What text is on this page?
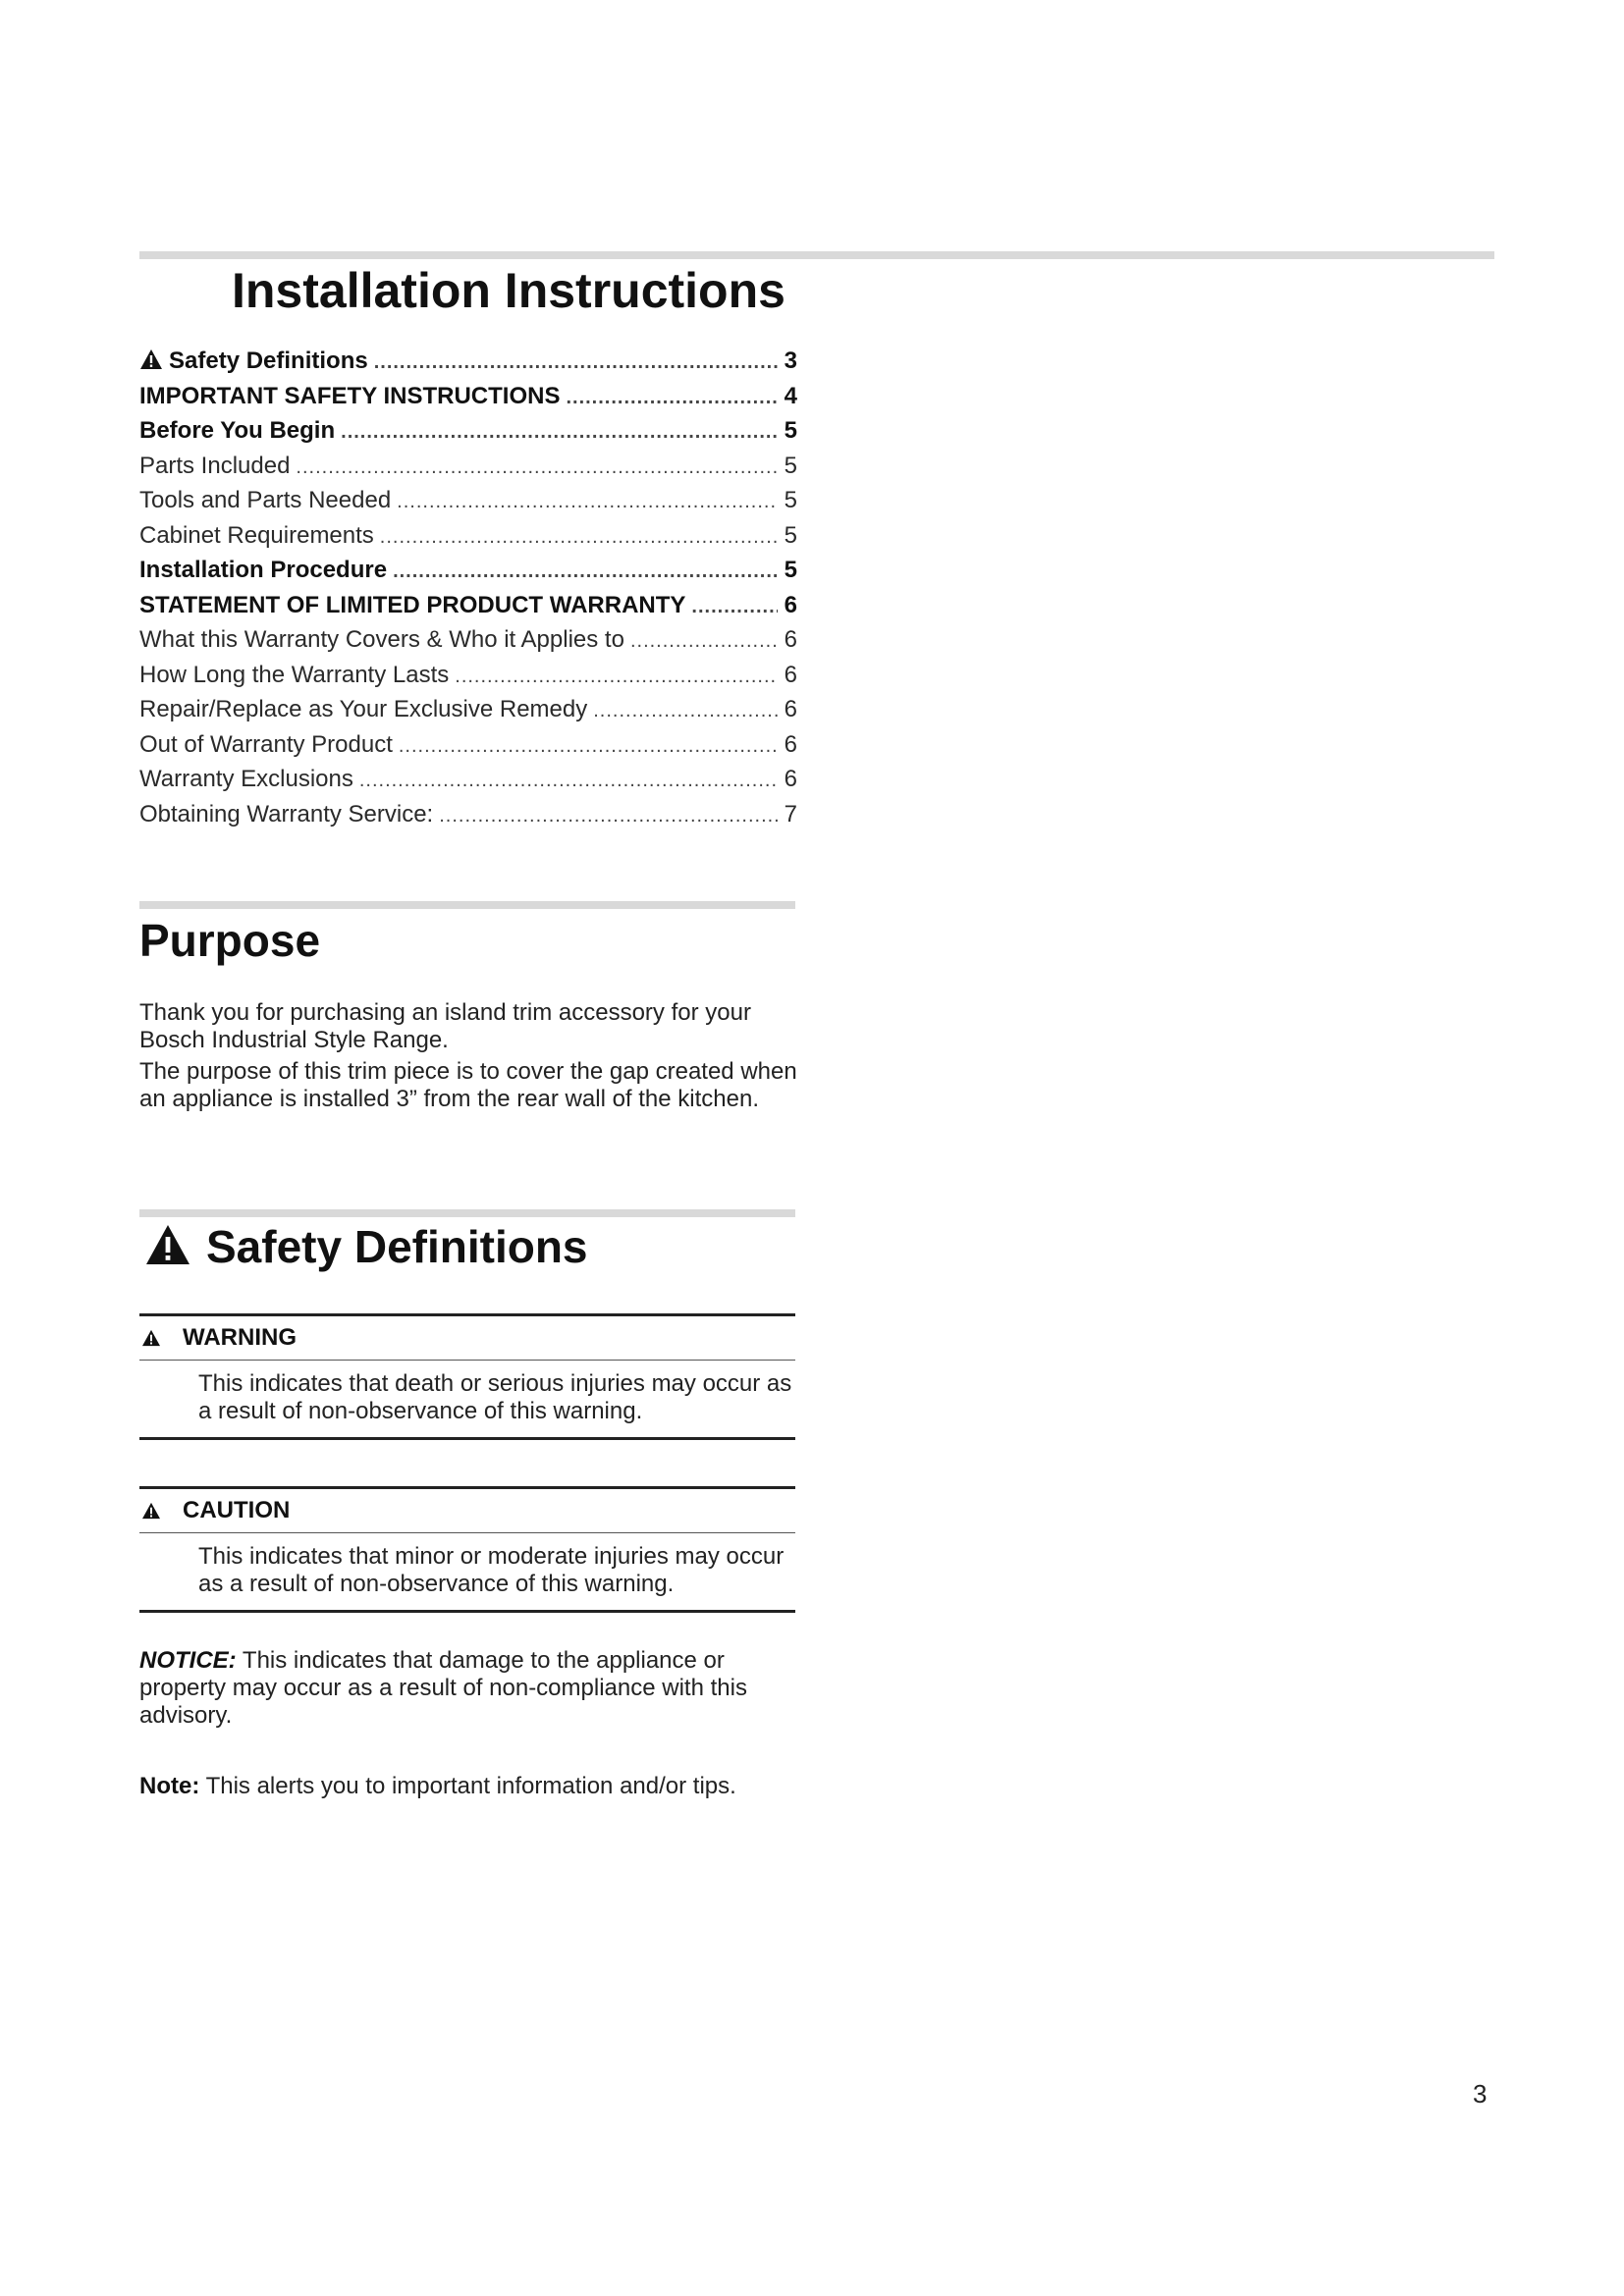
Installation Instructions
Safety Definitions .....	3
IMPORTANT SAFETY INSTRUCTIONS .....	4
Before You Begin .....	5
Parts Included .....	5
Tools and Parts Needed .....	5
Cabinet Requirements .....	5
Installation Procedure .....	5
STATEMENT OF LIMITED PRODUCT WARRANTY .....	6
What this Warranty Covers & Who it Applies to .....	6
How Long the Warranty Lasts .....	6
Repair/Replace as Your Exclusive Remedy .....	6
Out of Warranty Product .....	6
Warranty Exclusions .....	6
Obtaining Warranty Service: .....	7
Purpose

Thank you for purchasing an island trim accessory for your Bosch Industrial Style Range.

The purpose of this trim piece is to cover the gap created when an appliance is installed 3” from the rear wall of the kitchen.

Safety Definitions
WARNING
This indicates that death or serious injuries may occur as a result of non-observance of this warning.
CAUTION
This indicates that minor or moderate injuries may occur as a result of non-observance of this warning.

NOTICE: This indicates that damage to the appliance or property may occur as a result of non-compliance with this advisory.

Note: This alerts you to important information and/or tips.

3
